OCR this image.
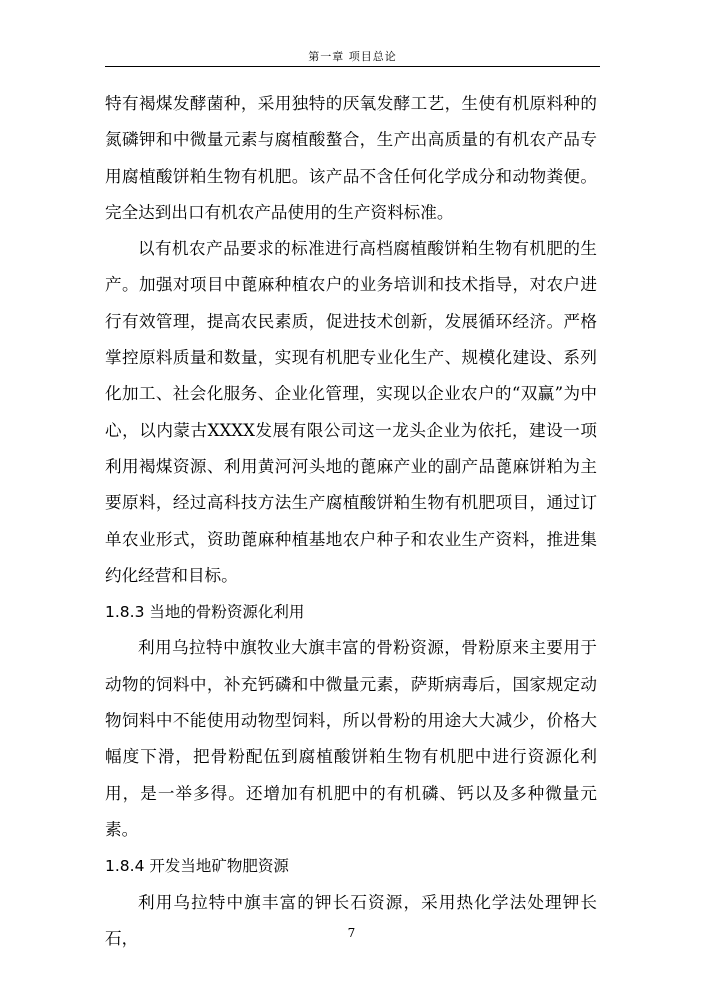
第一章 项目总论

特有褐煤发酵菌种，采用独特的厌氧发酵工艺，生使有机原料种的氮磷钾和中微量元素与腐植酸螯合，生产出高质量的有机农产品专用腐植酸饼粕生物有机肥。该产品不含任何化学成分和动物粪便。完全达到出口有机农产品使用的生产资料标准。

以有机农产品要求的标准进行高档腐植酸饼粕生物有机肥的生产。加强对项目中蓖麻种植农户的业务培训和技术指导，对农户进行有效管理，提高农民素质，促进技术创新，发展循环经济。严格掌控原料质量和数量，实现有机肥专业化生产、规模化建设、系列化加工、社会化服务、企业化管理，实现以企业农户的“双赢”为中心，以内蒙古XXXX发展有限公司这一龙头企业为依托，建设一项利用褐煤资源、利用黄河河头地的蓖麻产业的副产品蓖麻饼粕为主要原料，经过高科技方法生产腐植酸饼粕生物有机肥项目，通过订单农业形式，资助蓖麻种植基地农户种子和农业生产资料，推进集约化经营和目标。

1.8.3 当地的骨粉资源化利用

利用乌拉特中旗牧业大旗丰富的骨粉资源，骨粉原来主要用于动物的饲料中，补充钙磷和中微量元素，萨斯病毒后，国家规定动物饲料中不能使用动物型饲料，所以骨粉的用途大大减少，价格大幅度下滑，把骨粉配伍到腐植酸饼粕生物有机肥中进行资源化利用，是一举多得。还增加有机肥中的有机磷、钙以及多种微量元素。

1.8.4 开发当地矿物肥资源

利用乌拉特中旗丰富的钾长石资源，采用热化学法处理钾长石，	7
